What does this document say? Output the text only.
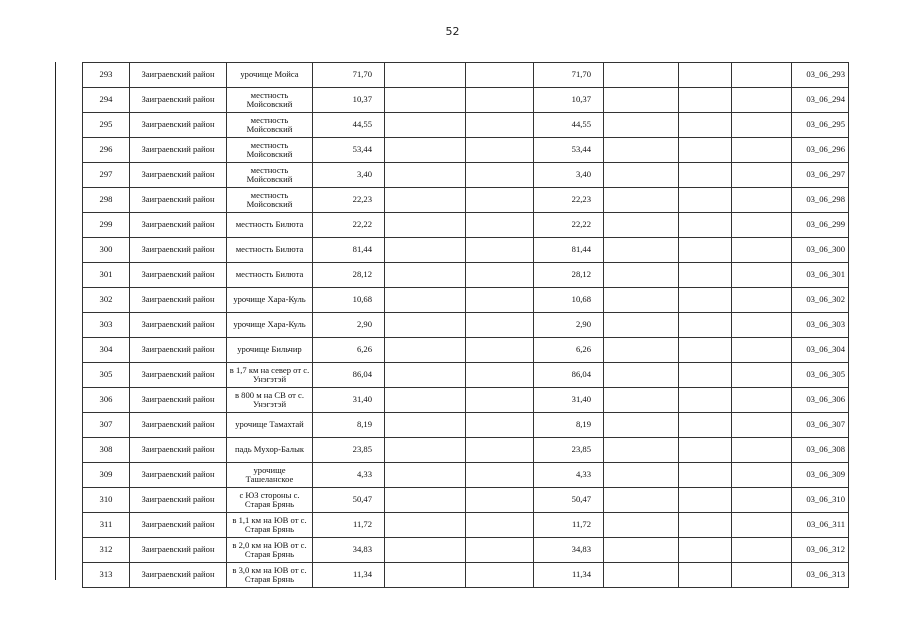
52
293	Заиграевский район	урочище Мойса	71,70			71,70				03_06_293
294	Заиграевский район	местность Мойсовский	10,37			10,37				03_06_294
295	Заиграевский район	местность Мойсовский	44,55			44,55				03_06_295
296	Заиграевский район	местность Мойсовский	53,44			53,44				03_06_296
297	Заиграевский район	местность Мойсовский	3,40			3,40				03_06_297
298	Заиграевский район	местность Мойсовский	22,23			22,23				03_06_298
299	Заиграевский район	местность Билюта	22,22			22,22				03_06_299
300	Заиграевский район	местность Билюта	81,44			81,44				03_06_300
301	Заиграевский район	местность Билюта	28,12			28,12				03_06_301
302	Заиграевский район	урочище Хара-Куль	10,68			10,68				03_06_302
303	Заиграевский район	урочище Хара-Куль	2,90			2,90				03_06_303
304	Заиграевский район	урочище Бильчир	6,26			6,26				03_06_304
305	Заиграевский район	в 1,7 км на север от с. Унэгэтэй	86,04			86,04				03_06_305
306	Заиграевский район	в 800 м на СВ от с. Унэгэтэй	31,40			31,40				03_06_306
307	Заиграевский район	урочище Тамахтай	8,19			8,19				03_06_307
308	Заиграевский район	падь Мухор-Балык	23,85			23,85				03_06_308
309	Заиграевский район	урочище Ташеланское	4,33			4,33				03_06_309
310	Заиграевский район	с ЮЗ стороны с. Старая Брянь	50,47			50,47				03_06_310
311	Заиграевский район	в 1,1 км на ЮВ от с. Старая Брянь	11,72			11,72				03_06_311
312	Заиграевский район	в 2,0 км на ЮВ от с. Старая Брянь	34,83			34,83				03_06_312
313	Заиграевский район	в 3,0 км на ЮВ от с. Старая Брянь	11,34			11,34				03_06_313
